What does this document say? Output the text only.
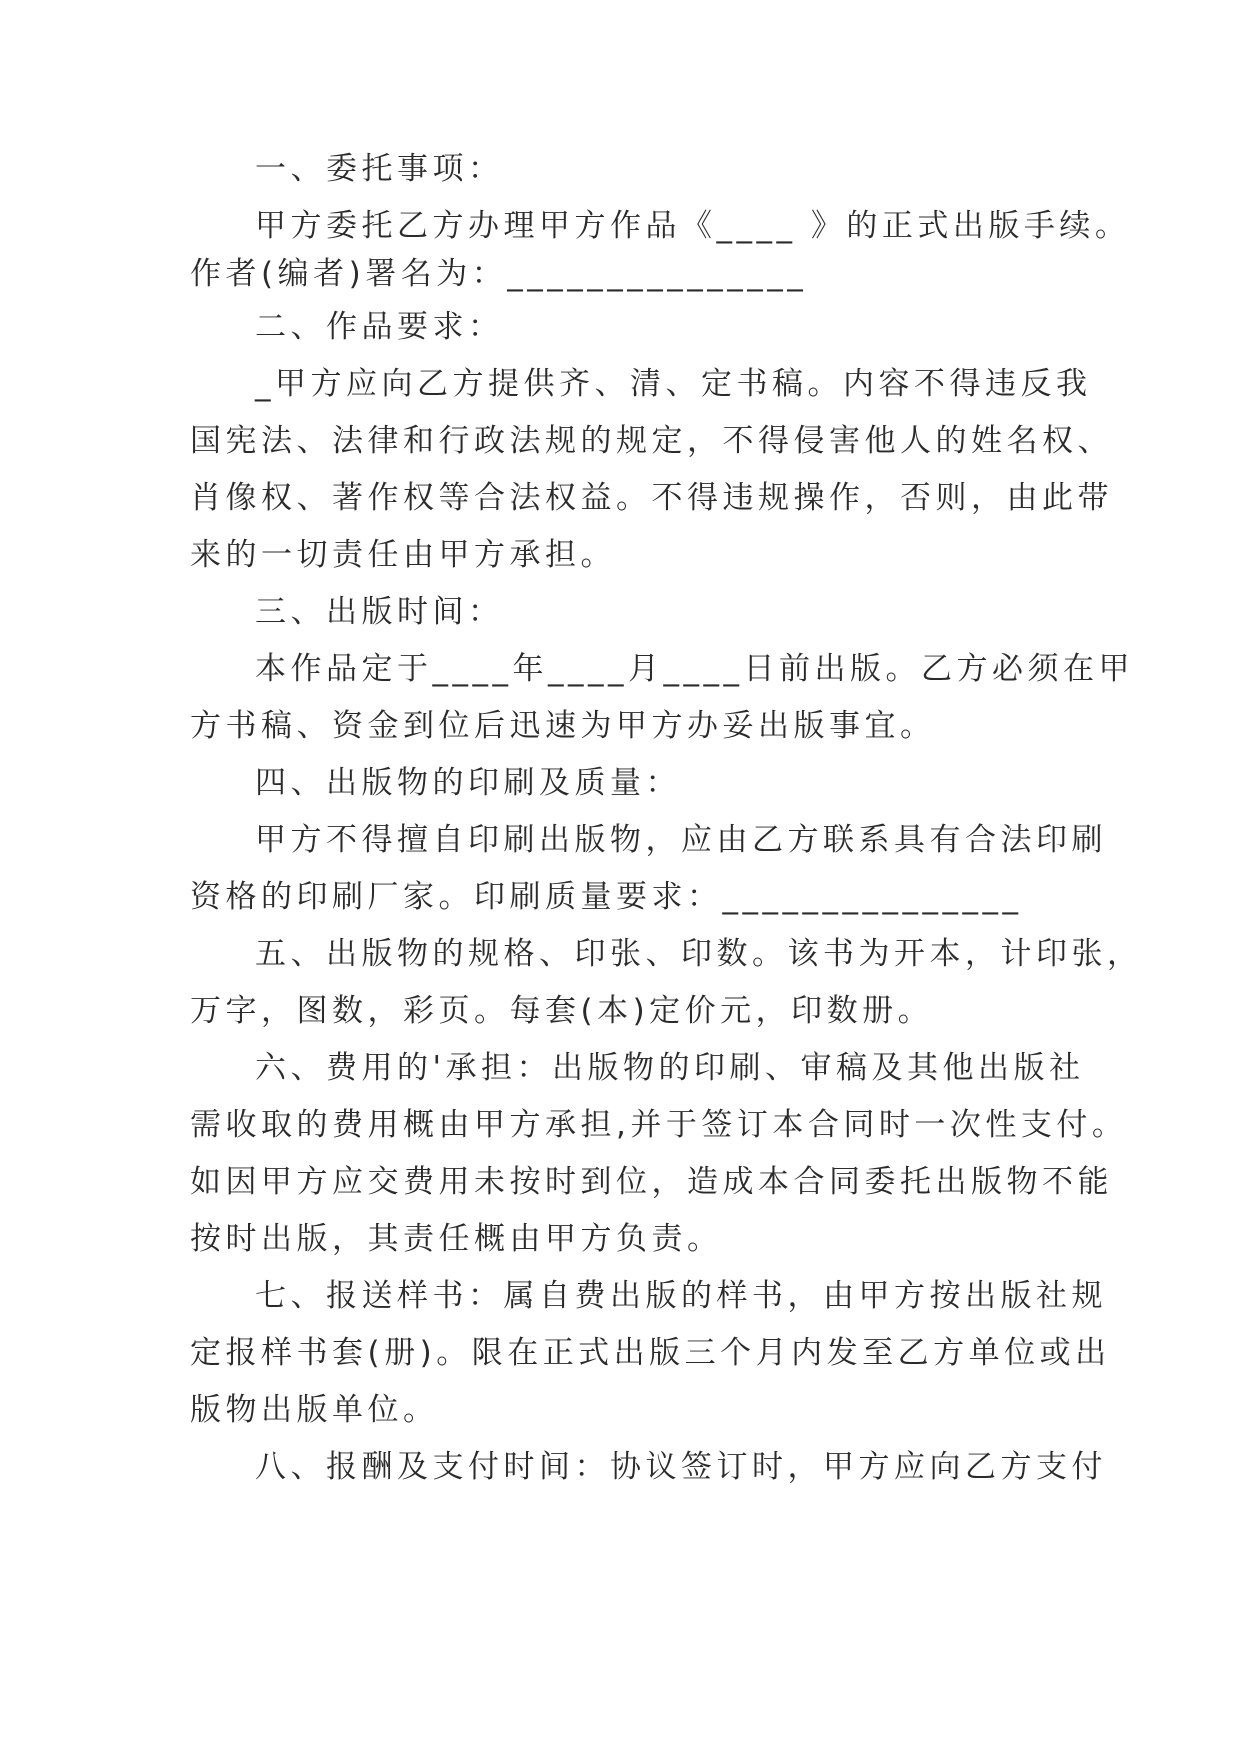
一、委托事项：
甲方委托乙方办理甲方作品《____ 》的正式出版手续。
作者(编者)署名为：_______________
二、作品要求：
_甲方应向乙方提供齐、清、定书稿。内容不得违反我
国宪法、法律和行政法规的规定，不得侵害他人的姓名权、
肖像权、著作权等合法权益。不得违规操作，否则，由此带
来的一切责任由甲方承担。
三、出版时间：
本作品定于____年____月____日前出版。乙方必须在甲
方书稿、资金到位后迅速为甲方办妥出版事宜。
四、出版物的印刷及质量：
甲方不得擅自印刷出版物，应由乙方联系具有合法印刷
资格的印刷厂家。印刷质量要求：_______________
五、出版物的规格、印张、印数。该书为开本，计印张，
万字，图数，彩页。每套(本)定价元，印数册。
六、费用的'承担：出版物的印刷、审稿及其他出版社
需收取的费用概由甲方承担,并于签订本合同时一次性支付。
如因甲方应交费用未按时到位，造成本合同委托出版物不能
按时出版，其责任概由甲方负责。
七、报送样书：属自费出版的样书，由甲方按出版社规
定报样书套(册)。限在正式出版三个月内发至乙方单位或出
版物出版单位。
八、报酬及支付时间：协议签订时，甲方应向乙方支付
